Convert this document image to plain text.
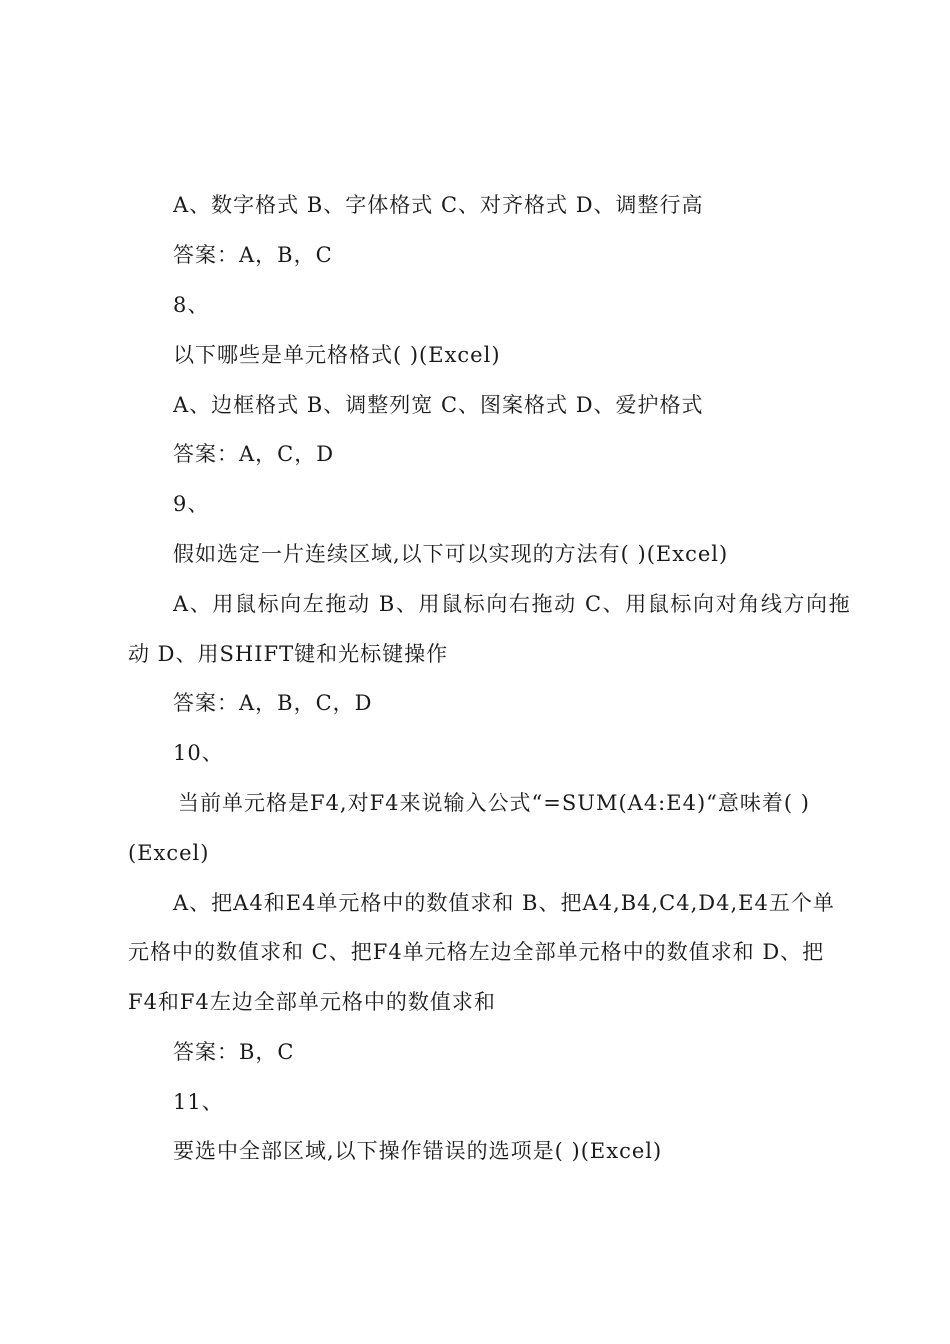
A、数字格式 B、字体格式 C、对齐格式 D、调整行高
答案：A，B，C
8、
以下哪些是单元格格式( )(Excel)
A、边框格式 B、调整列宽 C、图案格式 D、爱护格式
答案：A，C，D
9、
假如选定一片连续区域,以下可以实现的方法有( )(Excel)
A、用鼠标向左拖动 B、用鼠标向右拖动 C、用鼠标向对角线方向拖
动 D、用SHIFT键和光标键操作
答案：A，B，C，D
10、
当前单元格是F4,对F4来说输入公式“=SUM(A4:E4)“意味着( )
(Excel)
A、把A4和E4单元格中的数值求和 B、把A4,B4,C4,D4,E4五个单
元格中的数值求和 C、把F4单元格左边全部单元格中的数值求和 D、把
F4和F4左边全部单元格中的数值求和
答案：B，C
11、
要选中全部区域,以下操作错误的选项是( )(Excel)
